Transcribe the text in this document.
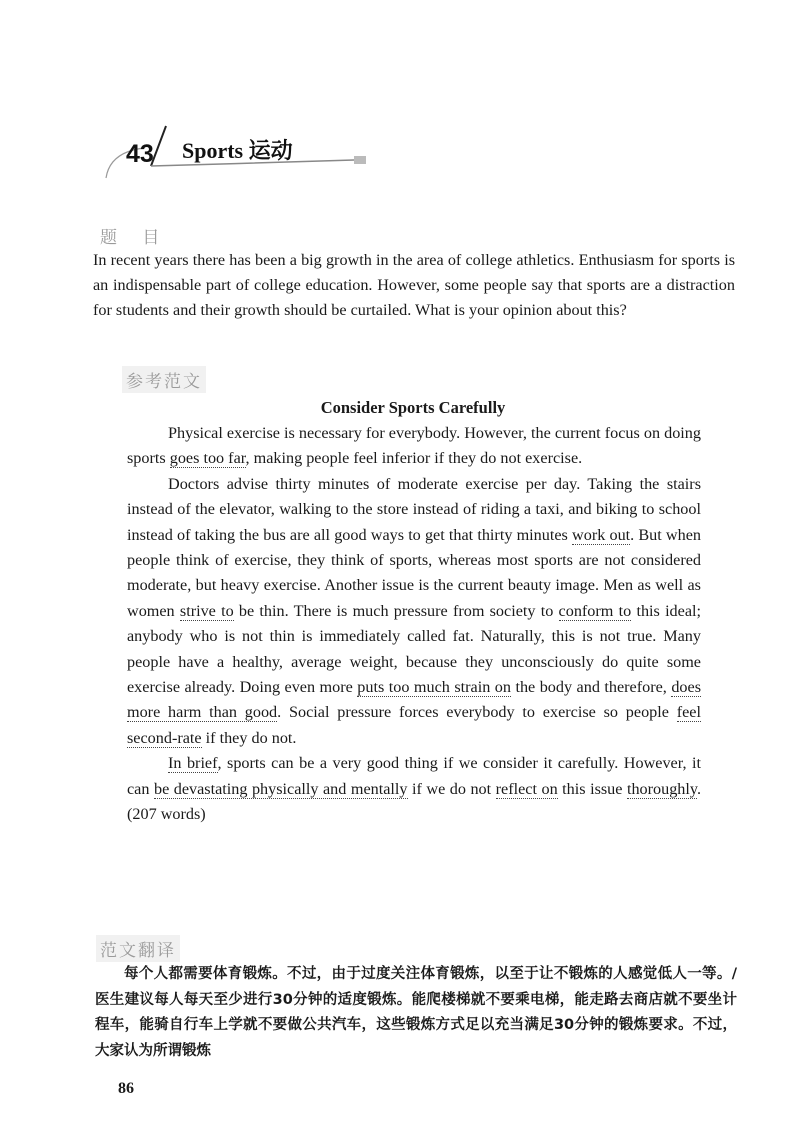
43 Sports 运动
题 目

In recent years there has been a big growth in the area of college athletics. Enthusiasm for sports is an indispensable part of college education. However, some people say that sports are a distraction for students and their growth should be curtailed. What is your opinion about this?

参考范文
Consider Sports Carefully

Physical exercise is necessary for everybody. However, the current focus on doing sports goes too far, making people feel inferior if they do not exercise.

Doctors advise thirty minutes of moderate exercise per day. Taking the stairs instead of the elevator, walking to the store instead of riding a taxi, and biking to school instead of taking the bus are all good ways to get that thirty minutes work out. But when people think of exercise, they think of sports, whereas most sports are not considered moderate, but heavy exercise. Another issue is the current beauty image. Men as well as women strive to be thin. There is much pressure from society to conform to this ideal; anybody who is not thin is immediately called fat. Naturally, this is not true. Many people have a healthy, average weight, because they unconsciously do quite some exercise already. Doing even more puts too much strain on the body and therefore, does more harm than good. Social pressure forces everybody to exercise so people feel second-rate if they do not.

In brief, sports can be a very good thing if we consider it carefully. However, it can be devastating physically and mentally if we do not reflect on this issue thoroughly. (207 words)

范文翻译

每个人都需要体育锻炼。不过，由于过度关注体育锻炼，以至于让不锻炼的人感觉低人一等。/医生建议每人每天至少进行30分钟的适度锻炼。能爬楼梯就不要乘电梯，能走路去商店就不要坐计程车，能骑自行车上学就不要做公共汽车，这些锻炼方式足以充当满足30分钟的锻炼要求。不过，大家认为所谓锻炼

86
